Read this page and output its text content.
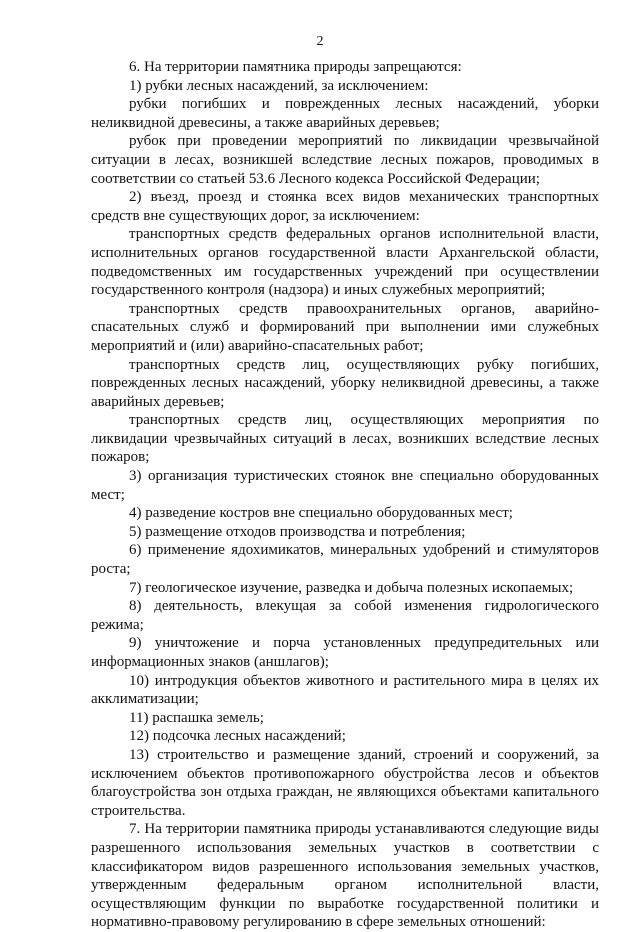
2

6. На территории памятника природы запрещаются:

1) рубки лесных насаждений, за исключением:

рубки погибших и поврежденных лесных насаждений, уборки неликвидной древесины, а также аварийных деревьев;

рубок при проведении мероприятий по ликвидации чрезвычайной ситуации в лесах, возникшей вследствие лесных пожаров, проводимых в соответствии со статьей 53.6 Лесного кодекса Российской Федерации;

2) въезд, проезд и стоянка всех видов механических транспортных средств вне существующих дорог, за исключением:

транспортных средств федеральных органов исполнительной власти, исполнительных органов государственной власти Архангельской области, подведомственных им государственных учреждений при осуществлении государственного контроля (надзора) и иных служебных мероприятий;

транспортных средств правоохранительных органов, аварийно-спасательных служб и формирований при выполнении ими служебных мероприятий и (или) аварийно-спасательных работ;

транспортных средств лиц, осуществляющих рубку погибших, поврежденных лесных насаждений, уборку неликвидной древесины, а также аварийных деревьев;

транспортных средств лиц, осуществляющих мероприятия по ликвидации чрезвычайных ситуаций в лесах, возникших вследствие лесных пожаров;

3) организация туристических стоянок вне специально оборудованных мест;

4) разведение костров вне специально оборудованных мест;

5) размещение отходов производства и потребления;

6) применение ядохимикатов, минеральных удобрений и стимуляторов роста;

7) геологическое изучение, разведка и добыча полезных ископаемых;

8) деятельность, влекущая за собой изменения гидрологического режима;

9) уничтожение и порча установленных предупредительных или информационных знаков (аншлагов);

10) интродукция объектов животного и растительного мира в целях их акклиматизации;

11) распашка земель;

12) подсочка лесных насаждений;

13) строительство и размещение зданий, строений и сооружений, за исключением объектов противопожарного обустройства лесов и объектов благоустройства зон отдыха граждан, не являющихся объектами капитального строительства.

7. На территории памятника природы устанавливаются следующие виды разрешенного использования земельных участков в соответствии с классификатором видов разрешенного использования земельных участков, утвержденным федеральным органом исполнительной власти, осуществляющим функции по выработке государственной политики и нормативно-правовому регулированию в сфере земельных отношений:
